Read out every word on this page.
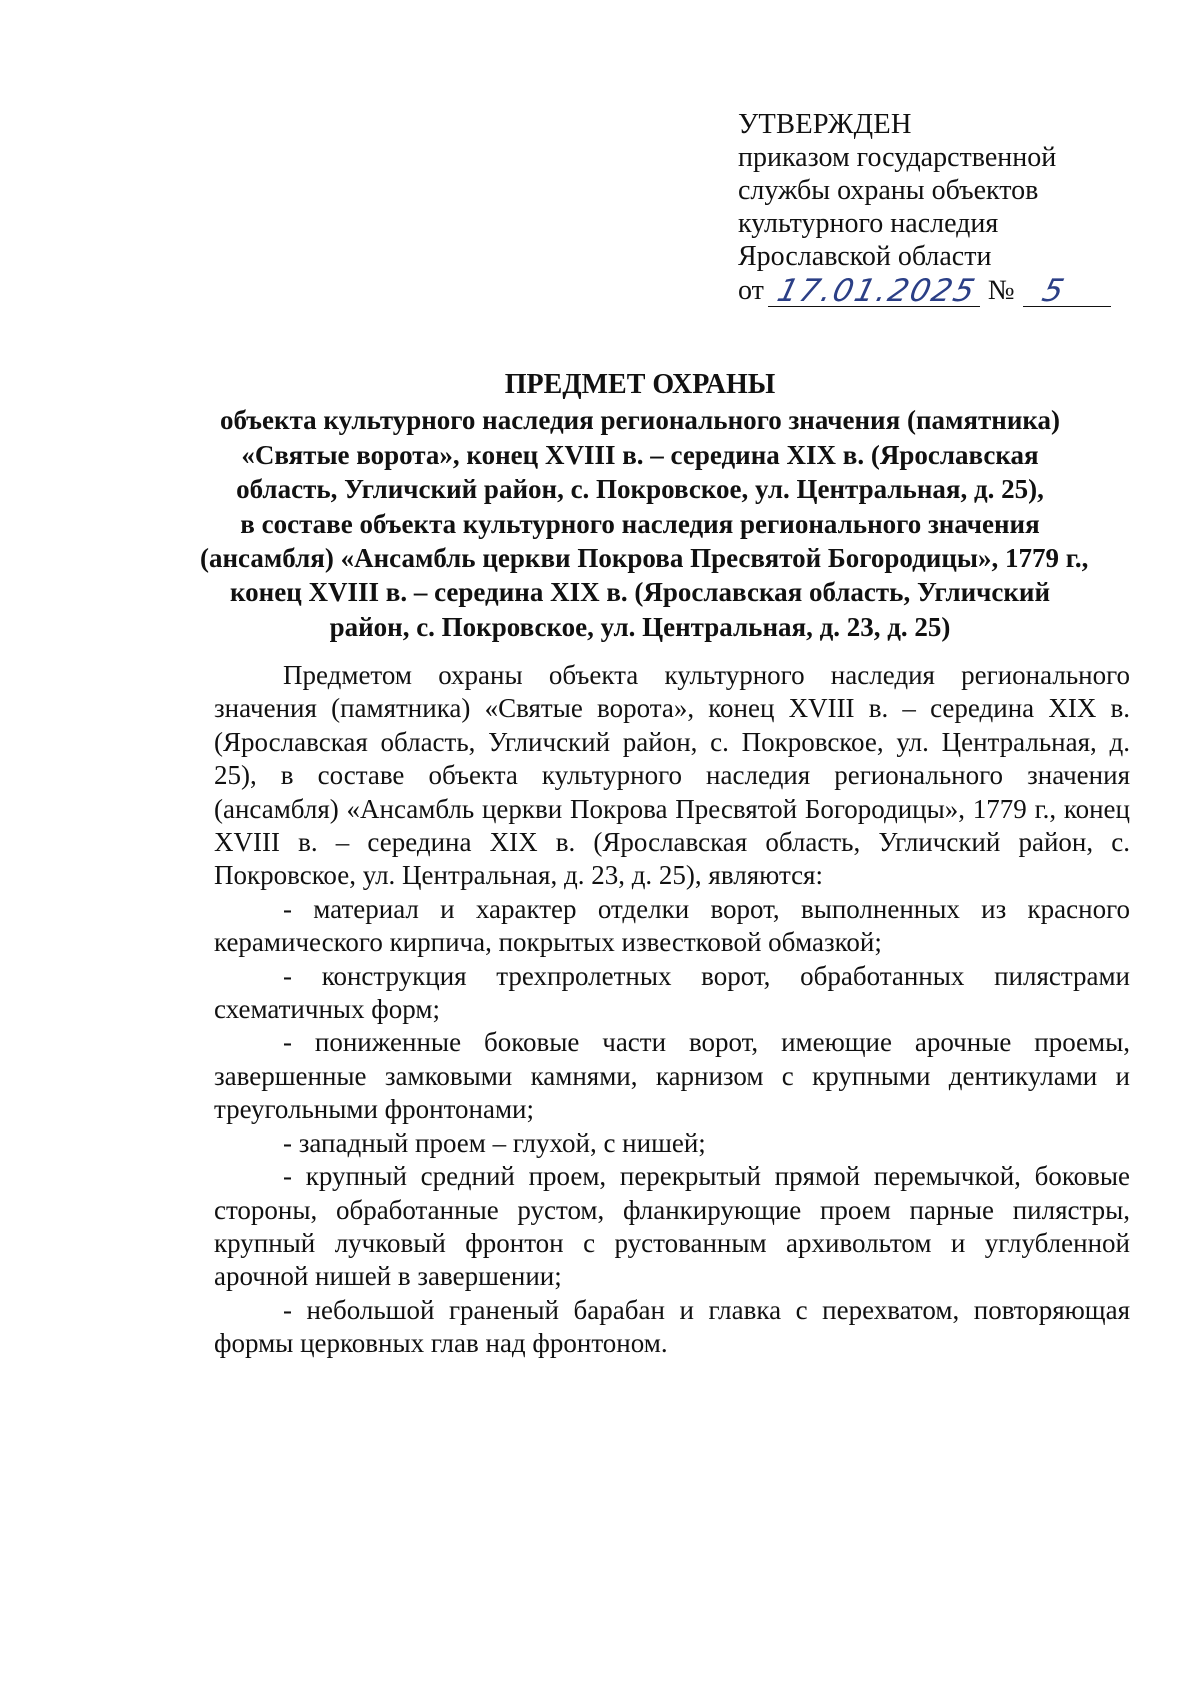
УТВЕРЖДЕН
приказом государственной
службы охраны объектов
культурного наследия
Ярославской области
от 17.01.2025 № 5
ПРЕДМЕТ ОХРАНЫ
объекта культурного наследия регионального значения (памятника)
«Святые ворота», конец XVIII в. – середина XIX в. (Ярославская
область, Угличский район, с. Покровское, ул. Центральная, д. 25),
в составе объекта культурного наследия регионального значения
(ансамбля) «Ансамбль церкви Покрова Пресвятой Богородицы», 1779 г.,
конец XVIII в. – середина XIX в. (Ярославская область, Угличский
район, с. Покровское, ул. Центральная, д. 23, д. 25)

Предметом охраны объекта культурного наследия регионального значения (памятника) «Святые ворота», конец XVIII в. – середина XIX в. (Ярославская область, Угличский район, с. Покровское, ул. Центральная, д. 25), в составе объекта культурного наследия регионального значения (ансамбля) «Ансамбль церкви Покрова Пресвятой Богородицы», 1779 г., конец XVIII в. – середина XIX в. (Ярославская область, Угличский район, с. Покровское, ул. Центральная, д. 23, д. 25), являются:

- материал и характер отделки ворот, выполненных из красного керамического кирпича, покрытых известковой обмазкой;

- конструкция трехпролетных ворот, обработанных пилястрами схематичных форм;

- пониженные боковые части ворот, имеющие арочные проемы, завершенные замковыми камнями, карнизом с крупными дентикулами и треугольными фронтонами;

- западный проем – глухой, с нишей;

- крупный средний проем, перекрытый прямой перемычкой, боковые стороны, обработанные рустом, фланкирующие проем парные пилястры, крупный лучковый фронтон с рустованным архивольтом и углубленной арочной нишей в завершении;

- небольшой граненый барабан и главка с перехватом, повторяющая формы церковных глав над фронтоном.
